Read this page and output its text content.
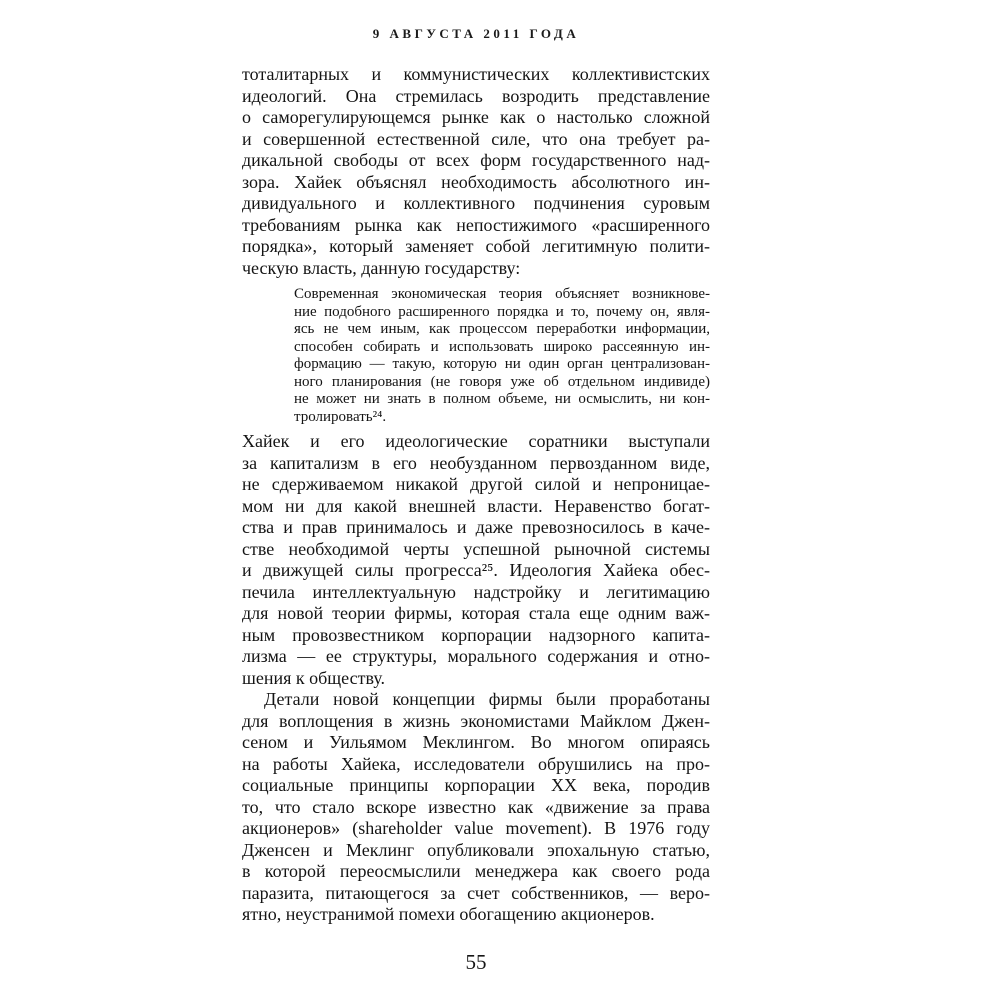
9 АВГУСТА 2011 ГОДА
тоталитарных и коммунистических коллективистских
идеологий. Она стремилась возродить представление
о саморегулирующемся рынке как о настолько сложной
и совершенной естественной силе, что она требует ра-
дикальной свободы от всех форм государственного над-
зора. Хайек объяснял необходимость абсолютного ин-
дивидуального и коллективного подчинения суровым
требованиям рынка как непостижимого «расширенного
порядка», который заменяет собой легитимную полити-
ческую власть, данную государству:
Современная экономическая теория объясняет возникнове-
ние подобного расширенного порядка и то, почему он, явля-
ясь не чем иным, как процессом переработки информации,
способен собирать и использовать широко рассеянную ин-
формацию — такую, которую ни один орган централизован-
ного планирования (не говоря уже об отдельном индивиде)
не может ни знать в полном объеме, ни осмыслить, ни кон-
тролировать²⁴.
Хайек и его идеологические соратники выступали
за капитализм в его необузданном первозданном виде,
не сдерживаемом никакой другой силой и непроницае-
мом ни для какой внешней власти. Неравенство богат-
ства и прав принималось и даже превозносилось в каче-
стве необходимой черты успешной рыночной системы
и движущей силы прогресса²⁵. Идеология Хайека обес-
печила интеллектуальную надстройку и легитимацию
для новой теории фирмы, которая стала еще одним важ-
ным провозвестником корпорации надзорного капита-
лизма — ее структуры, морального содержания и отно-
шения к обществу.
Детали новой концепции фирмы были проработаны
для воплощения в жизнь экономистами Майклом Джен-
сеном и Уильямом Меклингом. Во многом опираясь
на работы Хайека, исследователи обрушились на про-
социальные принципы корпорации XX века, породив
то, что стало вскоре известно как «движение за права
акционеров» (shareholder value movement). В 1976 году
Дженсен и Меклинг опубликовали эпохальную статью,
в которой переосмыслили менеджера как своего рода
паразита, питающегося за счет собственников, — веро-
ятно, неустранимой помехи обогащению акционеров.
55
